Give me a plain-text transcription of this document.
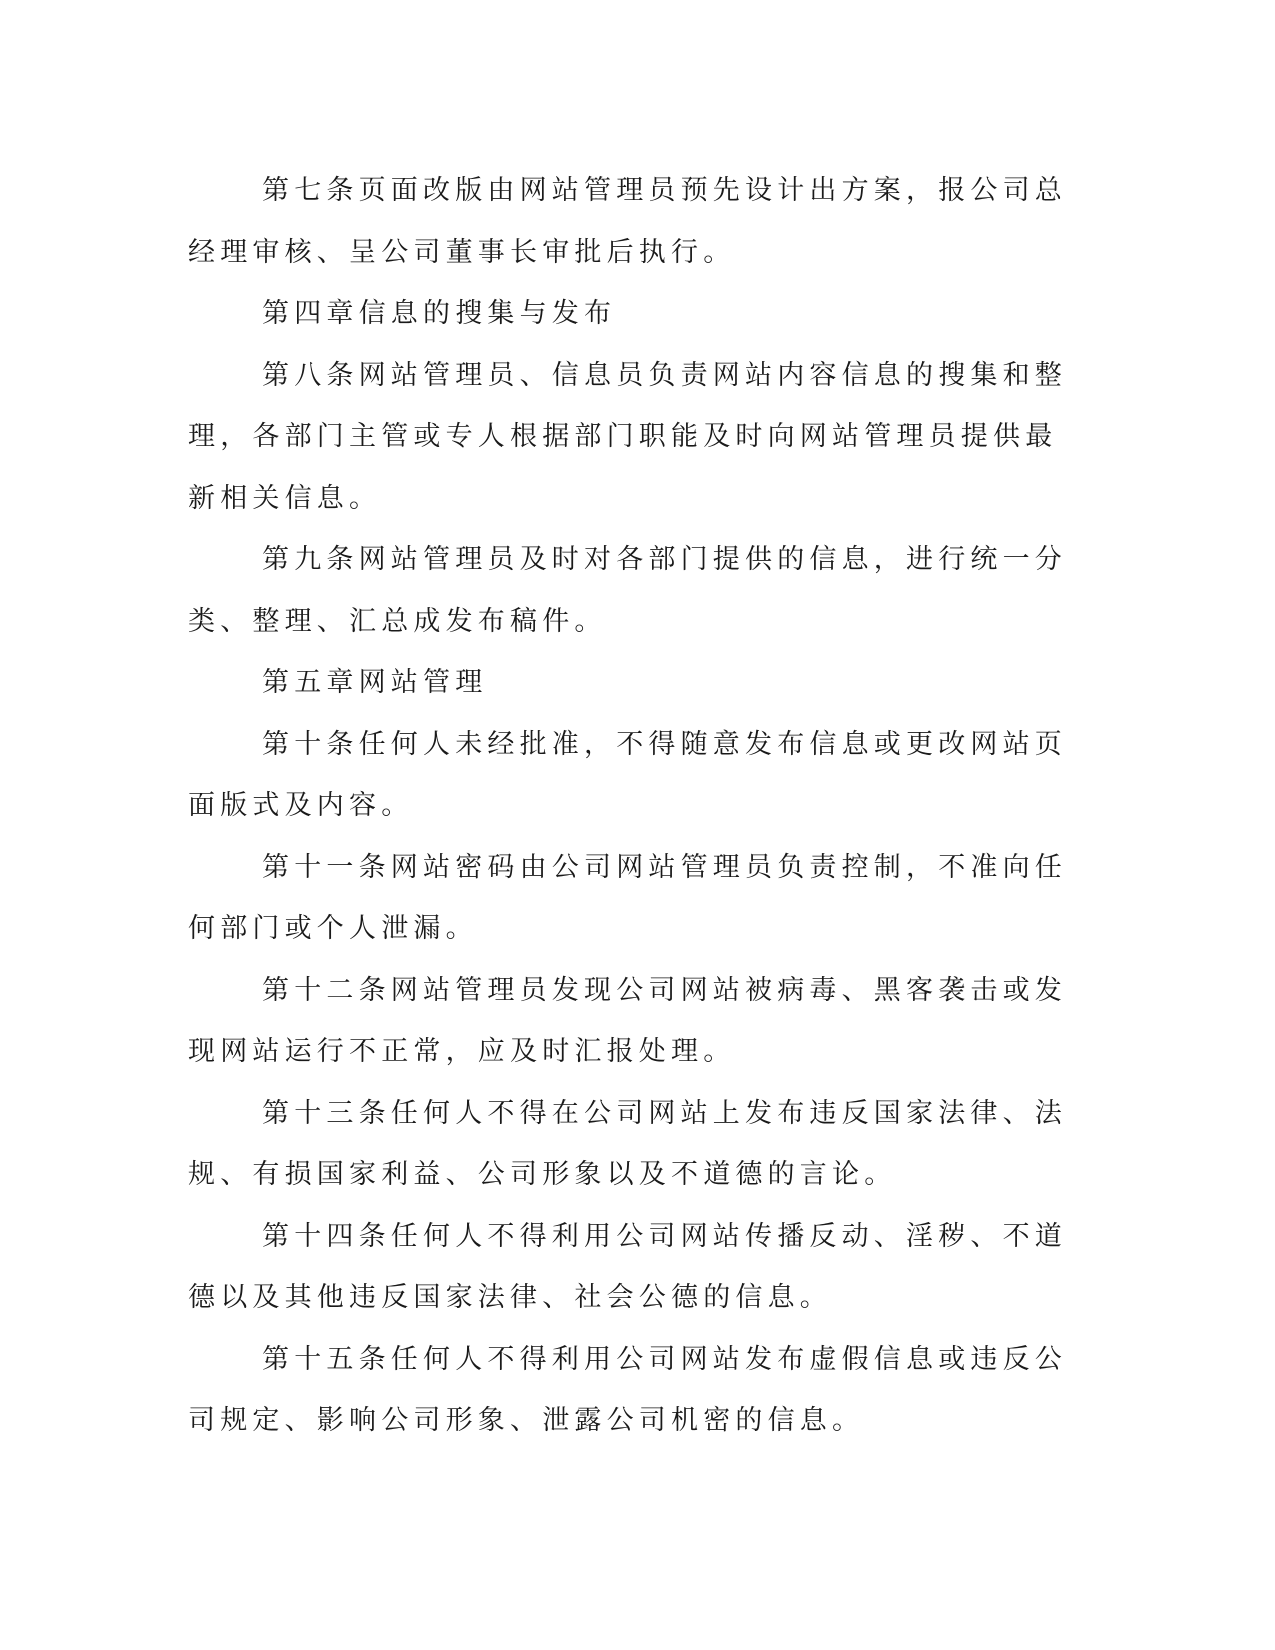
第七条页面改版由网站管理员预先设计出方案，报公司总经理审核、呈公司董事长审批后执行。

第四章信息的搜集与发布

第八条网站管理员、信息员负责网站内容信息的搜集和整理，各部门主管或专人根据部门职能及时向网站管理员提供最新相关信息。

第九条网站管理员及时对各部门提供的信息，进行统一分类、整理、汇总成发布稿件。

第五章网站管理

第十条任何人未经批准，不得随意发布信息或更改网站页面版式及内容。

第十一条网站密码由公司网站管理员负责控制，不准向任何部门或个人泄漏。

第十二条网站管理员发现公司网站被病毒、黑客袭击或发现网站运行不正常，应及时汇报处理。

第十三条任何人不得在公司网站上发布违反国家法律、法规、有损国家利益、公司形象以及不道德的言论。

第十四条任何人不得利用公司网站传播反动、淫秽、不道德以及其他违反国家法律、社会公德的信息。

第十五条任何人不得利用公司网站发布虚假信息或违反公司规定、影响公司形象、泄露公司机密的信息。
